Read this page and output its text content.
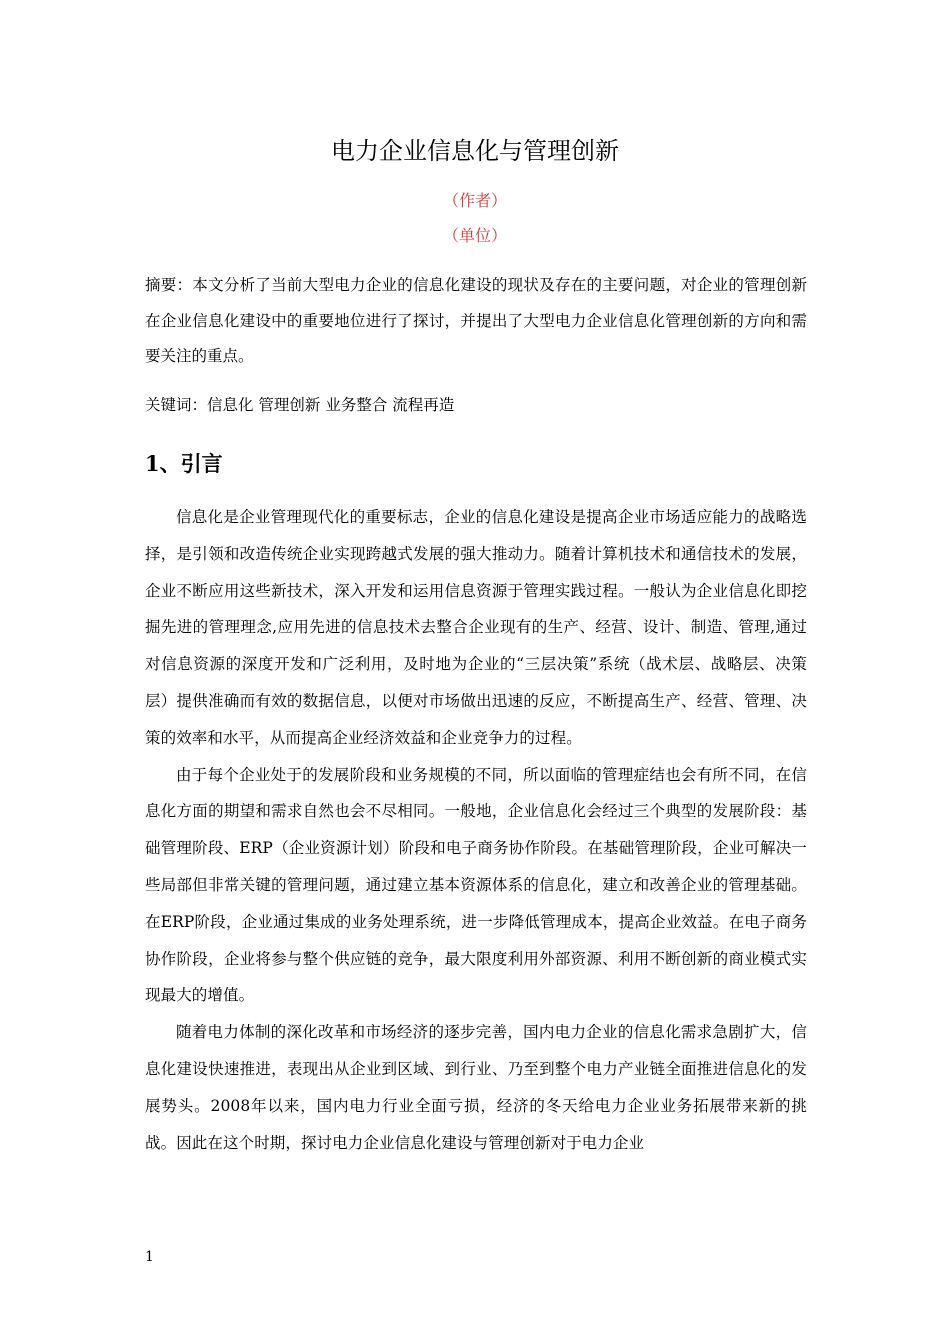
电力企业信息化与管理创新
（作者）
（单位）
摘要：本文分析了当前大型电力企业的信息化建设的现状及存在的主要问题，对企业的管理创新在企业信息化建设中的重要地位进行了探讨，并提出了大型电力企业信息化管理创新的方向和需要关注的重点。
关键词：信息化 管理创新 业务整合 流程再造
1、引言

信息化是企业管理现代化的重要标志，企业的信息化建设是提高企业市场适应能力的战略选择，是引领和改造传统企业实现跨越式发展的强大推动力。随着计算机技术和通信技术的发展，企业不断应用这些新技术，深入开发和运用信息资源于管理实践过程。一般认为企业信息化即挖掘先进的管理理念,应用先进的信息技术去整合企业现有的生产、经营、设计、制造、管理,通过对信息资源的深度开发和广泛利用，及时地为企业的“三层决策”系统（战术层、战略层、决策层）提供准确而有效的数据信息，以便对市场做出迅速的反应，不断提高生产、经营、管理、决策的效率和水平，从而提高企业经济效益和企业竞争力的过程。

由于每个企业处于的发展阶段和业务规模的不同，所以面临的管理症结也会有所不同，在信息化方面的期望和需求自然也会不尽相同。一般地，企业信息化会经过三个典型的发展阶段：基础管理阶段、ERP（企业资源计划）阶段和电子商务协作阶段。在基础管理阶段，企业可解决一些局部但非常关键的管理问题，通过建立基本资源体系的信息化，建立和改善企业的管理基础。在ERP阶段，企业通过集成的业务处理系统，进一步降低管理成本，提高企业效益。在电子商务协作阶段，企业将参与整个供应链的竞争，最大限度利用外部资源、利用不断创新的商业模式实现最大的增值。

随着电力体制的深化改革和市场经济的逐步完善，国内电力企业的信息化需求急剧扩大，信息化建设快速推进，表现出从企业到区域、到行业、乃至到整个电力产业链全面推进信息化的发展势头。2008年以来，国内电力行业全面亏损，经济的冬天给电力企业业务拓展带来新的挑战。因此在这个时期，探讨电力企业信息化建设与管理创新对于电力企业

1
